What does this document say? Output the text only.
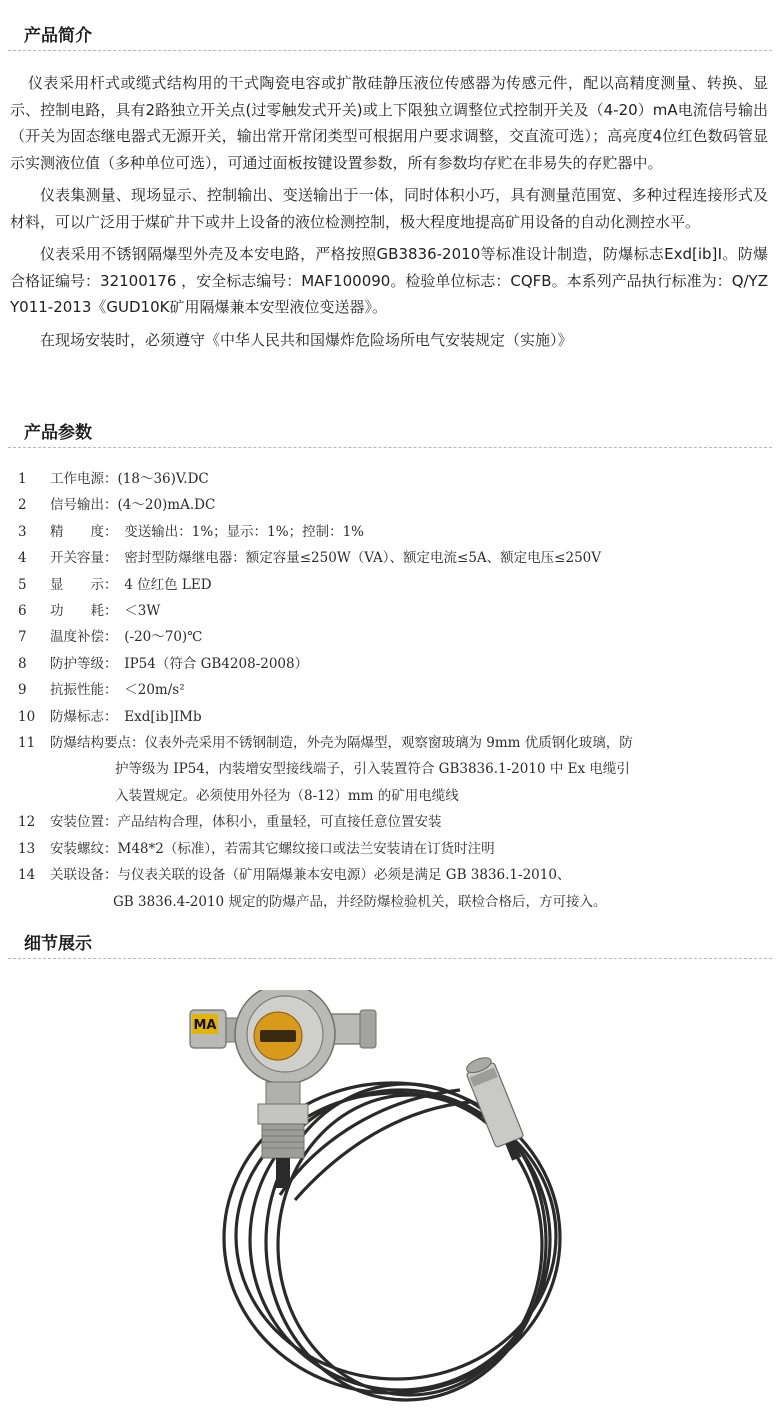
产品简介

仪表采用杆式或缆式结构用的干式陶瓷电容或扩散硅静压液位传感器为传感元件，配以高精度测量、转换、显示、控制电路，具有2路独立开关点(过零触发式开关)或上下限独立调整位式控制开关及（4-20）mA电流信号输出（开关为固态继电器式无源开关，输出常开常闭类型可根据用户要求调整，交直流可选）；高亮度4位红色数码管显示实测液位值（多种单位可选），可通过面板按键设置参数，所有参数均存贮在非易失的存贮器中。

仪表集测量、现场显示、控制输出、变送输出于一体，同时体积小巧，具有测量范围宽、多种过程连接形式及材料，可以广泛用于煤矿井下或井上设备的液位检测控制，极大程度地提高矿用设备的自动化测控水平。

仪表采用不锈钢隔爆型外壳及本安电路，严格按照GB3836-2010等标准设计制造，防爆标志Exd[ib]Ⅰ。防爆合格证编号：32100176 ，安全标志编号：MAF100090。检验单位标志：CQFB。本系列产品执行标准为：Q/YZY011-2013《GUD10K矿用隔爆兼本安型液位变送器》。

在现场安装时，必须遵守《中华人民共和国爆炸危险场所电气安装规定（实施）》

产品参数
1	工作电源：(18～36)V.DC
2	信号输出：(4～20)mA.DC
3	精　　度：　变送输出：1%；显示：1%；控制：1%
4	开关容量：　密封型防爆继电器：额定容量≤250W（VA）、额定电流≤5A、额定电压≤250V
5	显　　示：　4 位红色 LED
6	功　　耗：　＜3W
7	温度补偿：　(-20～70)℃
8	防护等级：　IP54（符合 GB4208-2008）
9	抗振性能：　＜20m/s²
10	防爆标志：　Exd[ib]ⅠMb
11	防爆结构要点：仪表外壳采用不锈钢制造，外壳为隔爆型，观察窗玻璃为 9mm 优质钢化玻璃，防
护等级为 IP54，内装增安型接线端子，引入装置符合 GB3836.1-2010 中 Ex 电缆引
入装置规定。必须使用外径为（8-12）mm 的矿用电缆线
12	安装位置：产品结构合理，体积小，重量轻，可直接任意位置安装
13	安装螺纹：M48*2（标准），若需其它螺纹接口或法兰安装请在订货时注明
14	关联设备：与仪表关联的设备（矿用隔爆兼本安电源）必须是满足 GB 3836.1-2010、
GB 3836.4-2010 规定的防爆产品，并经防爆检验机关，联检合格后，方可接入。
细节展示
MA
